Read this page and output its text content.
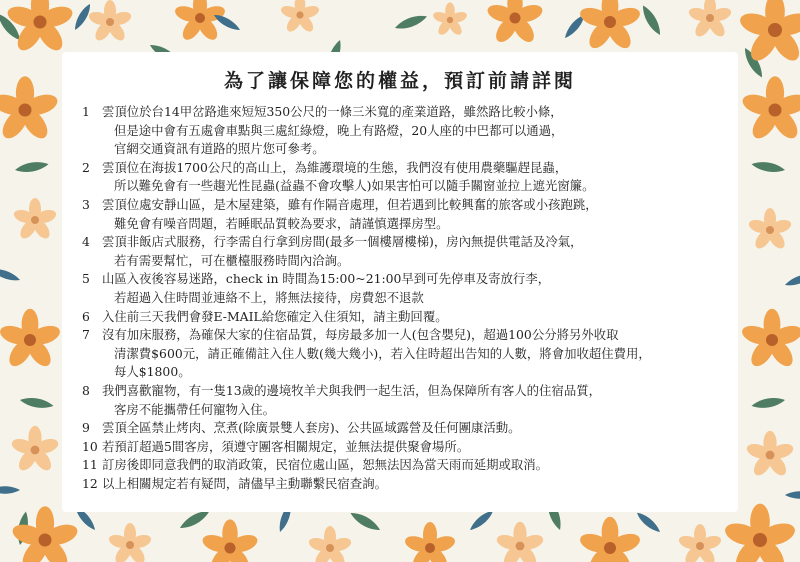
為了讓保障您的權益，預訂前請詳閱
1 雲頂位於台14甲岔路進來短短350公尺的一條三米寬的產業道路，雖然路比較小條，
但是途中會有五處會車點與三處紅綠燈，晚上有路燈，20人座的中巴都可以通過，
官網交通資訊有道路的照片您可參考。
2 雲頂位在海拔1700公尺的高山上，為維護環境的生態，我們沒有使用農藥驅趕昆蟲，
所以難免會有一些趨光性昆蟲(益蟲不會攻擊人)如果害怕可以隨手關窗並拉上遮光窗簾。
3 雲頂位處安靜山區，是木屋建築，雖有作隔音處理，但若遇到比較興奮的旅客或小孩跑跳，
難免會有噪音問題，若睡眠品質較為要求，請謹慎選擇房型。
4 雲頂非飯店式服務，行李需自行拿到房間(最多一個樓層樓梯)，房內無提供電話及冷氣，
若有需要幫忙，可在櫃檯服務時間內洽詢。
5 山區入夜後容易迷路，check in 時間為15:00~21:00早到可先停車及寄放行李，
若超過入住時間並連絡不上，將無法接待，房費恕不退款
6 入住前三天我們會發E-MAIL給您確定入住須知，請主動回覆。
7 沒有加床服務，為確保大家的住宿品質，每房最多加一人(包含嬰兒)，超過100公分將另外收取
清潔費$600元，請正確備註入住人數(幾大幾小)，若入住時超出告知的人數，將會加收超住費用，
每人$1800。
8 我們喜歡寵物，有一隻13歲的邊境牧羊犬與我們一起生活，但為保障所有客人的住宿品質，
客房不能攜帶任何寵物入住。
9 雲頂全區禁止烤肉、烹煮(除廣景雙人套房)、公共區域露營及任何團康活動。
10 若預訂超過5間客房，須遵守團客相關規定，並無法提供聚會場所。
11 訂房後即同意我們的取消政策，民宿位處山區，恕無法因為當天雨而延期或取消。
12 以上相關規定若有疑問，請儘早主動聯繫民宿查詢。
